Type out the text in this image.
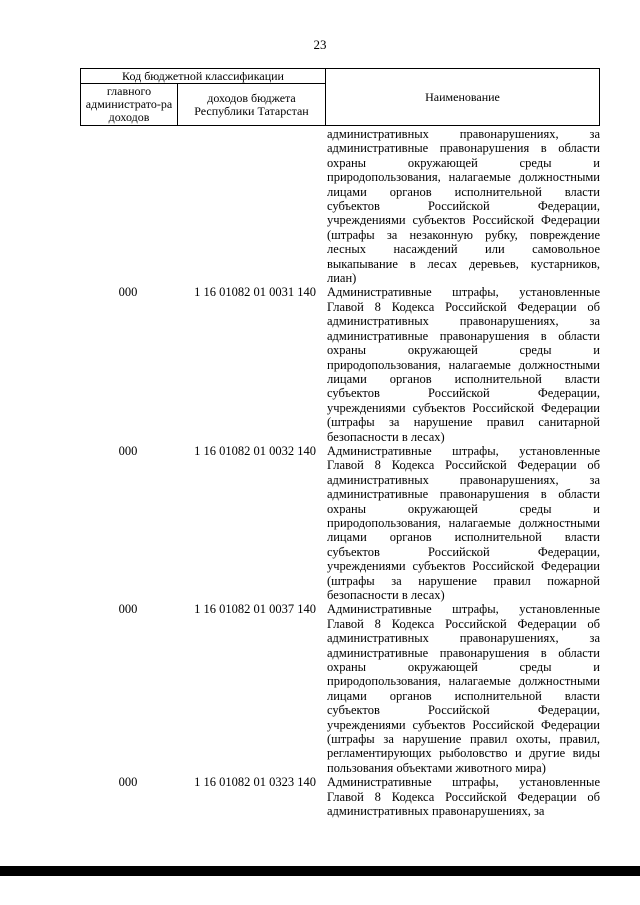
23
Код бюджетной классификации		Наименование
главного администрато-ра доходов	доходов бюджета Республики Татарстан	
административных правонарушениях, за
административные правонарушения в области
охраны окружающей среды и
природопользования, налагаемые должностными
лицами органов исполнительной власти
субъектов Российской Федерации,
учреждениями субъектов Российской Федерации
(штрафы за незаконную рубку, повреждение
лесных насаждений или самовольное
выкапывание в лесах деревьев, кустарников,
лиан)
000	1 16 01082 01 0031 140 Административные штрафы, установленные
Главой 8 Кодекса Российской Федерации об
административных правонарушениях, за
административные правонарушения в области
охраны окружающей среды и
природопользования, налагаемые должностными
лицами органов исполнительной власти
субъектов Российской Федерации,
учреждениями субъектов Российской Федерации
(штрафы за нарушение правил санитарной
безопасности в лесах)
000	1 16 01082 01 0032 140 Административные штрафы, установленные
Главой 8 Кодекса Российской Федерации об
административных правонарушениях, за
административные правонарушения в области
охраны окружающей среды и
природопользования, налагаемые должностными
лицами органов исполнительной власти
субъектов Российской Федерации,
учреждениями субъектов Российской Федерации
(штрафы за нарушение правил пожарной
безопасности в лесах)
000	1 16 01082 01 0037 140 Административные штрафы, установленные
Главой 8 Кодекса Российской Федерации об
административных правонарушениях, за
административные правонарушения в области
охраны окружающей среды и
природопользования, налагаемые должностными
лицами органов исполнительной власти
субъектов Российской Федерации,
учреждениями субъектов Российской Федерации
(штрафы за нарушение правил охоты, правил,
регламентирующих рыболовство и другие виды
пользования объектами животного мира)
000	1 16 01082 01 0323 140 Административные штрафы, установленные
Главой 8 Кодекса Российской Федерации об
административных правонарушениях, за
